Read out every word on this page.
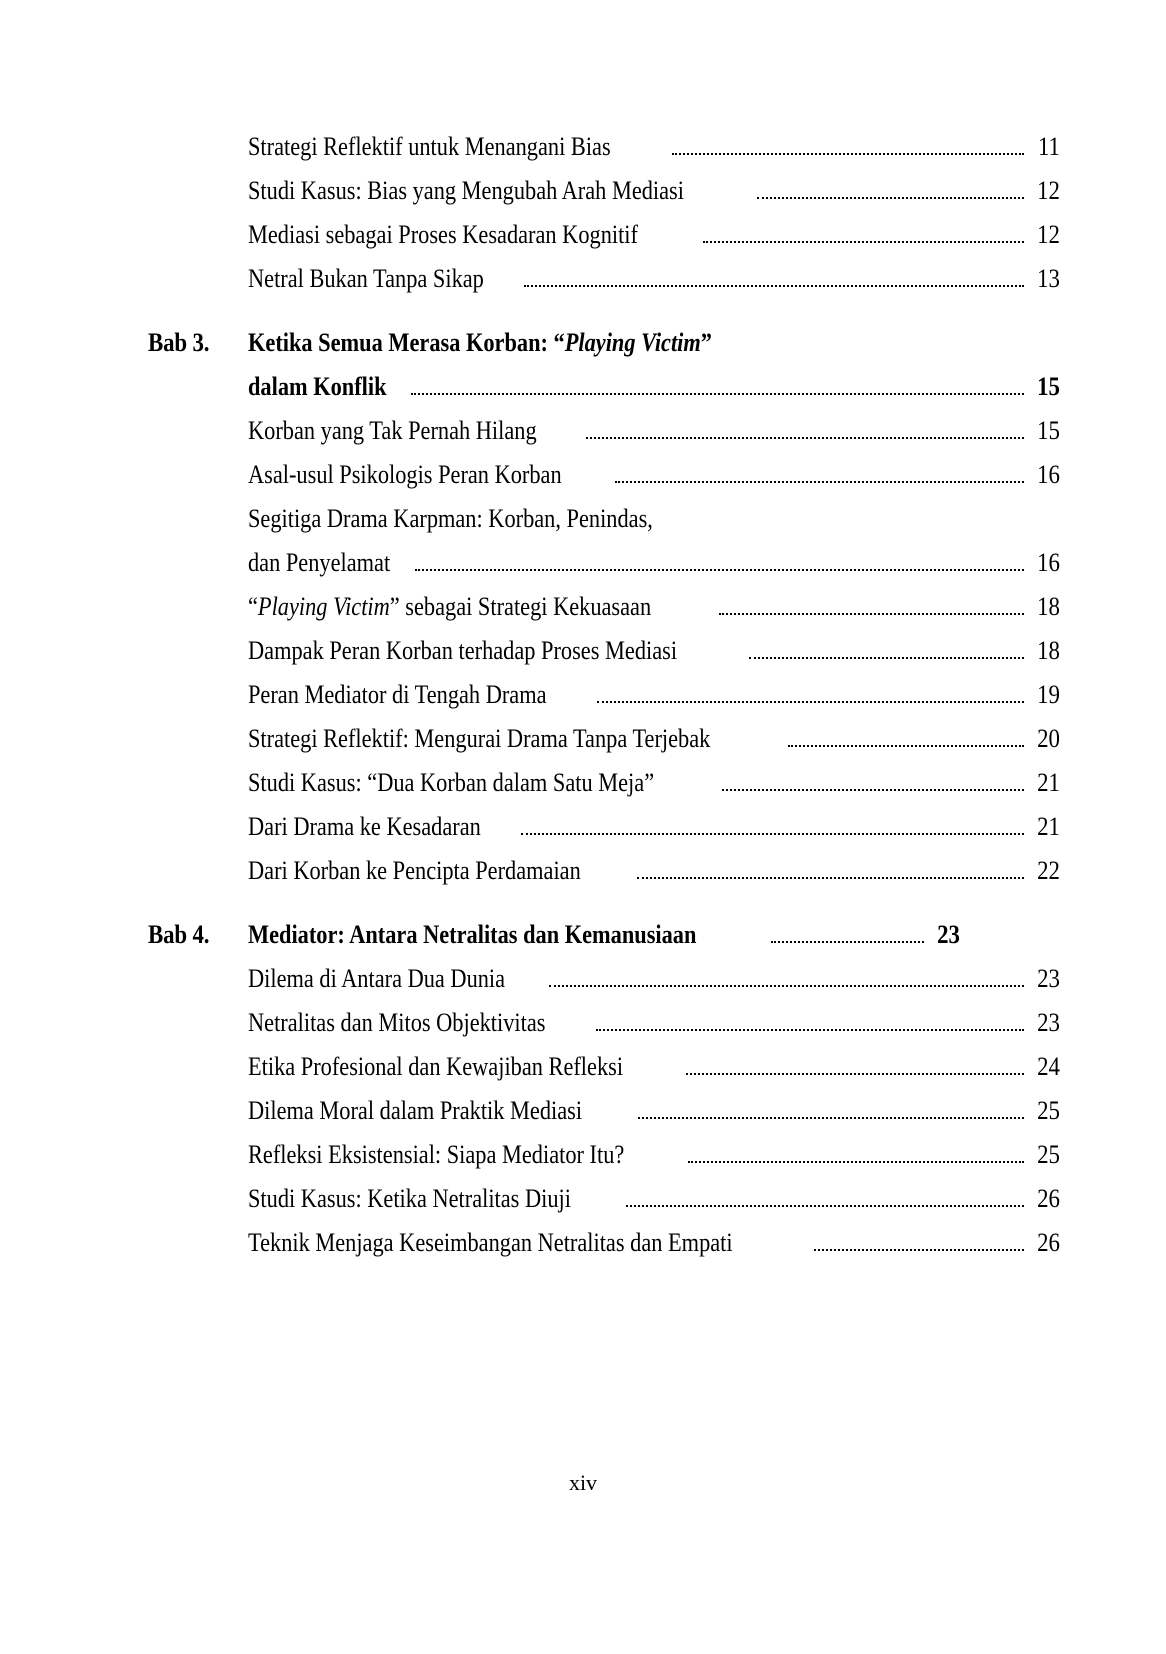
Strategi Reflektif untuk Menangani Bias	11
Studi Kasus: Bias yang Mengubah Arah Mediasi	12
Mediasi sebagai Proses Kesadaran Kognitif	12
Netral Bukan Tanpa Sikap	13
Bab 3.	Ketika Semua Merasa Korban: “Playing Victim”
dalam Konflik	15
Korban yang Tak Pernah Hilang	15
Asal-usul Psikologis Peran Korban	16
Segitiga Drama Karpman: Korban, Penindas,
dan Penyelamat	16
“Playing Victim” sebagai Strategi Kekuasaan	18
Dampak Peran Korban terhadap Proses Mediasi	18
Peran Mediator di Tengah Drama	19
Strategi Reflektif: Mengurai Drama Tanpa Terjebak	20
Studi Kasus: “Dua Korban dalam Satu Meja”	21
Dari Drama ke Kesadaran	21
Dari Korban ke Pencipta Perdamaian	22
Bab 4.	Mediator: Antara Netralitas dan Kemanusiaan	23
Dilema di Antara Dua Dunia	23
Netralitas dan Mitos Objektivitas	23
Etika Profesional dan Kewajiban Refleksi	24
Dilema Moral dalam Praktik Mediasi	25
Refleksi Eksistensial: Siapa Mediator Itu?	25
Studi Kasus: Ketika Netralitas Diuji	26
Teknik Menjaga Keseimbangan Netralitas dan Empati	26
xiv
